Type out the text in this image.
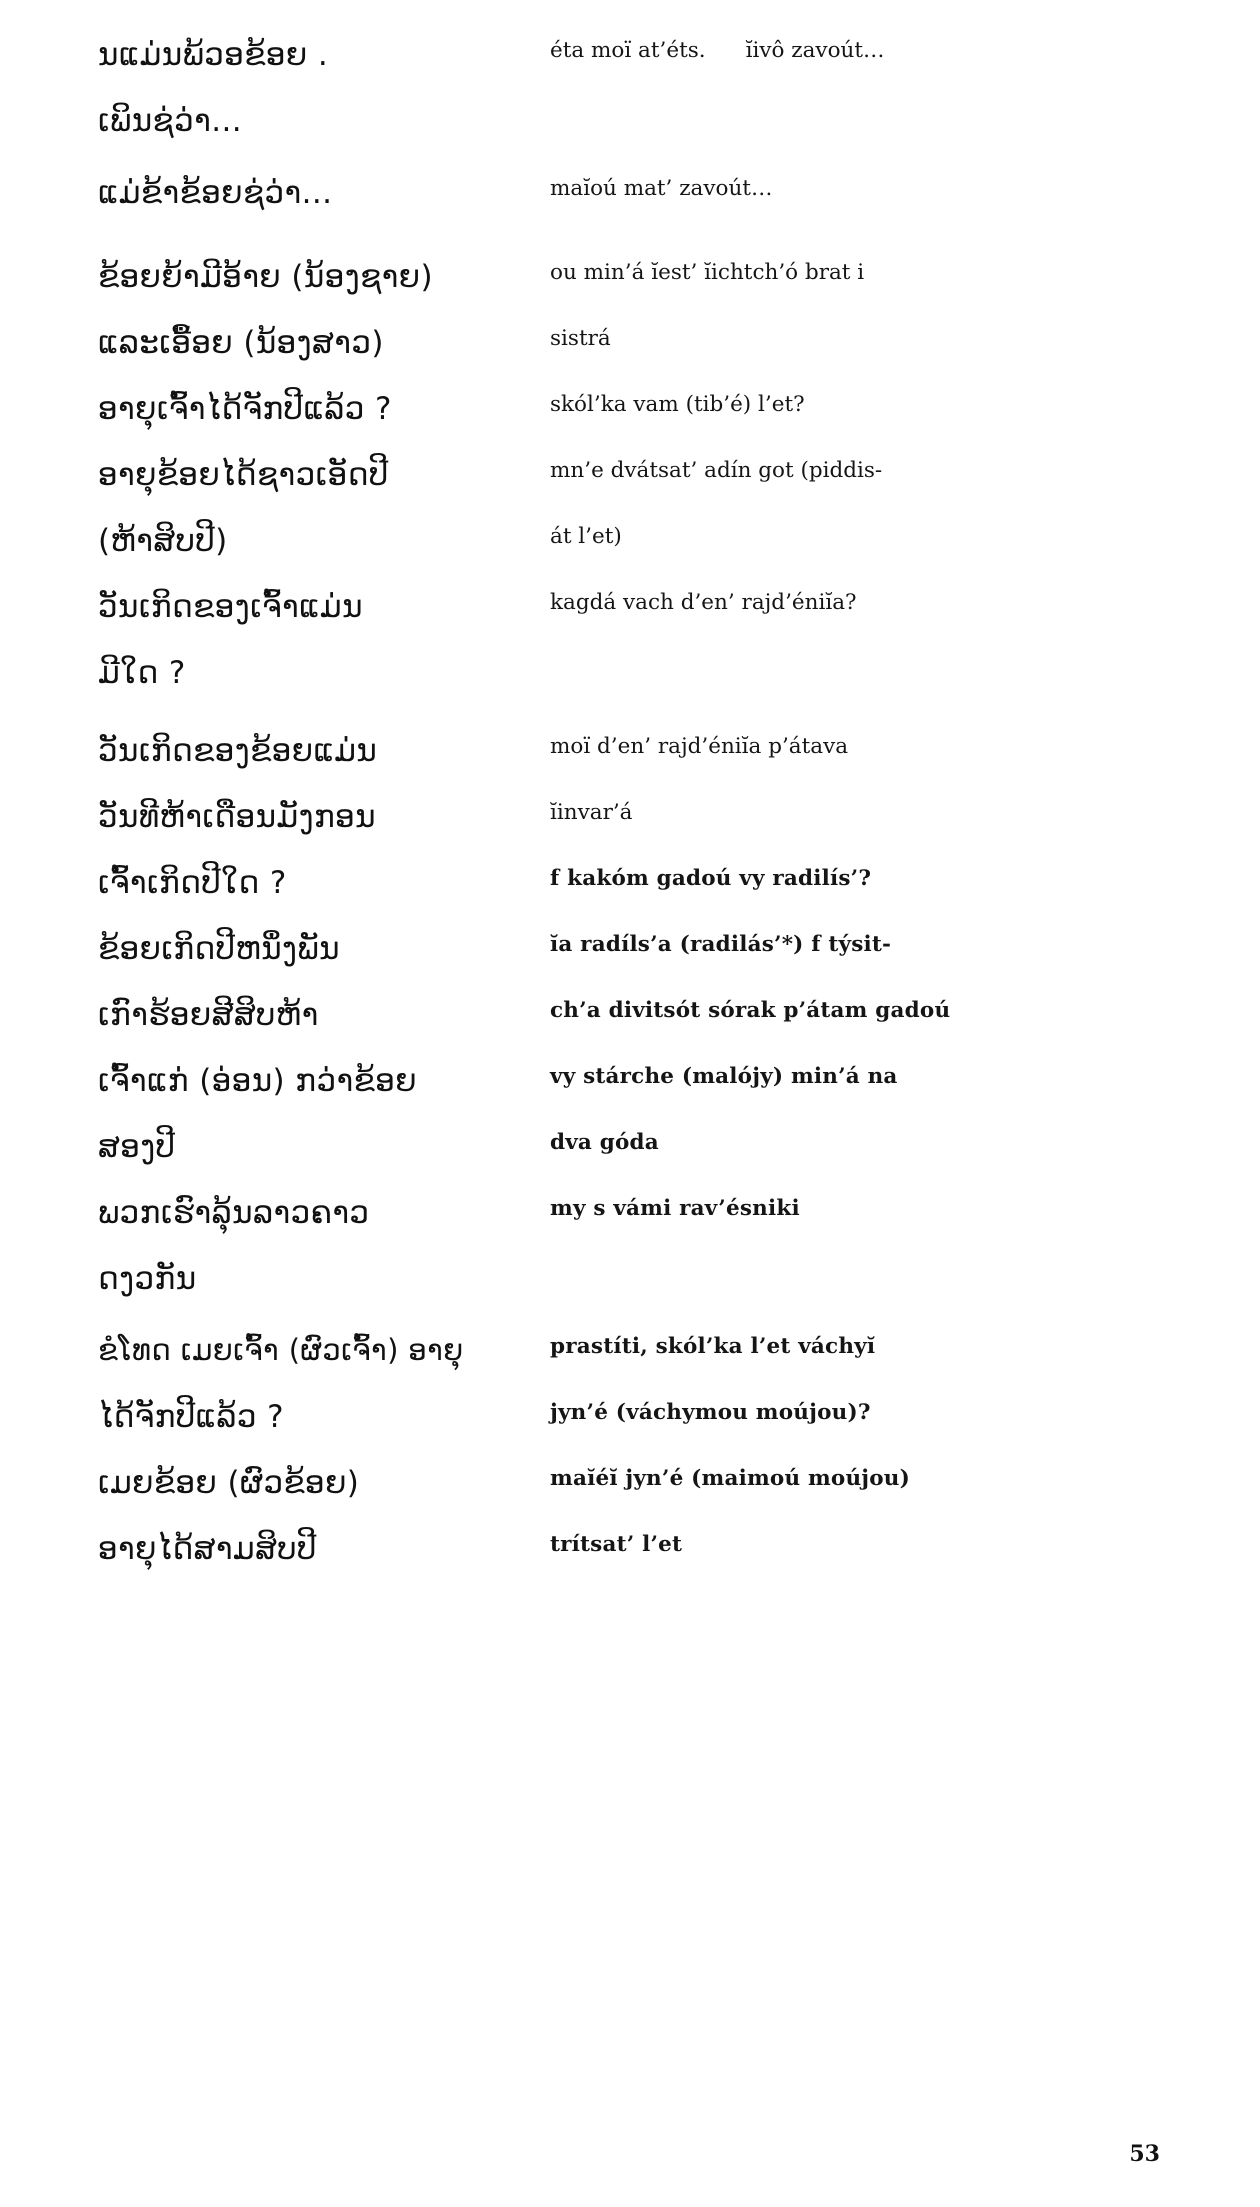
ນແມ່ນພ້ວອຂ້ອຍ .	éta moï at’éts. ĭivô zavoút…
ເພິນຊ່ວ່າ...
ແມ່ຂ້າຂ້ອຍຊ່ວ່າ...	maĭoú mat’ zavoút…
ຂ້ອຍຍ້າມີອ້າຍ (ນ້ອງຊາຍ)	ou min’á ĭest’ ĭichtch’ó brat i
ແລະເອື້ອຍ (ນ້ອງສາວ)	sistrá
ອາຍຸເຈົ້າໄດ້ຈັກປີແລ້ວ ?	skól’ka vam (tib’é) l’et?
ອາຍຸຂ້ອຍໄດ້ຊາວເອັດປີ	mn’e dvátsat’ adín got (piddis-
(ຫ້າສິບປີ)	át l’et)
ວັນເກິດຂອງເຈົ້າແມ່ນ	kagdá vach d’en’ rajd’éniĭa?
ມີໃດ ?
ວັນເກິດຂອງຂ້ອຍແມ່ນ	moï d’en’ rajd’éniĭa p’átava
ວັນທີຫ້າເດືອນມັງກອນ	ĭinvar’á
ເຈົ້າເກິດປີໃດ ?	f kakóm gadoú vy radilís’?
ຂ້ອຍເກິດປີຫນຶ່ງພັນ	ĭa radíls’a (radilás’*) f týsit-
ເກົາຮ້ອຍສີສິບຫ້າ	ch’a divitsót sórak p’átam gadoú
ເຈົ້າແກ່ (ອ່ອນ) ກວ່າຂ້ອຍ	vy stárche (malójy) min’á na
ສອງປີ	dva góda
ພວກເຮົາລຸ້ນລາວຄາວ	my s vámi rav’ésniki
ດງວກັນ
ຂໍໂທດ ເມຍເຈົ້າ (ຜົວເຈົ້າ) ອາຍຸ	prastíti, skól’ka l’et váchyĭ
ໄດ້ຈັກປີແລ້ວ ?	jyn’é (váchymou moújou)?
ເມຍຂ້ອຍ (ຜົວຂ້ອຍ)	maĭéĭ jyn’é (maimoú moújou)
ອາຍຸໄດ້ສາມສິບປີ	trítsat’ l’et
53
